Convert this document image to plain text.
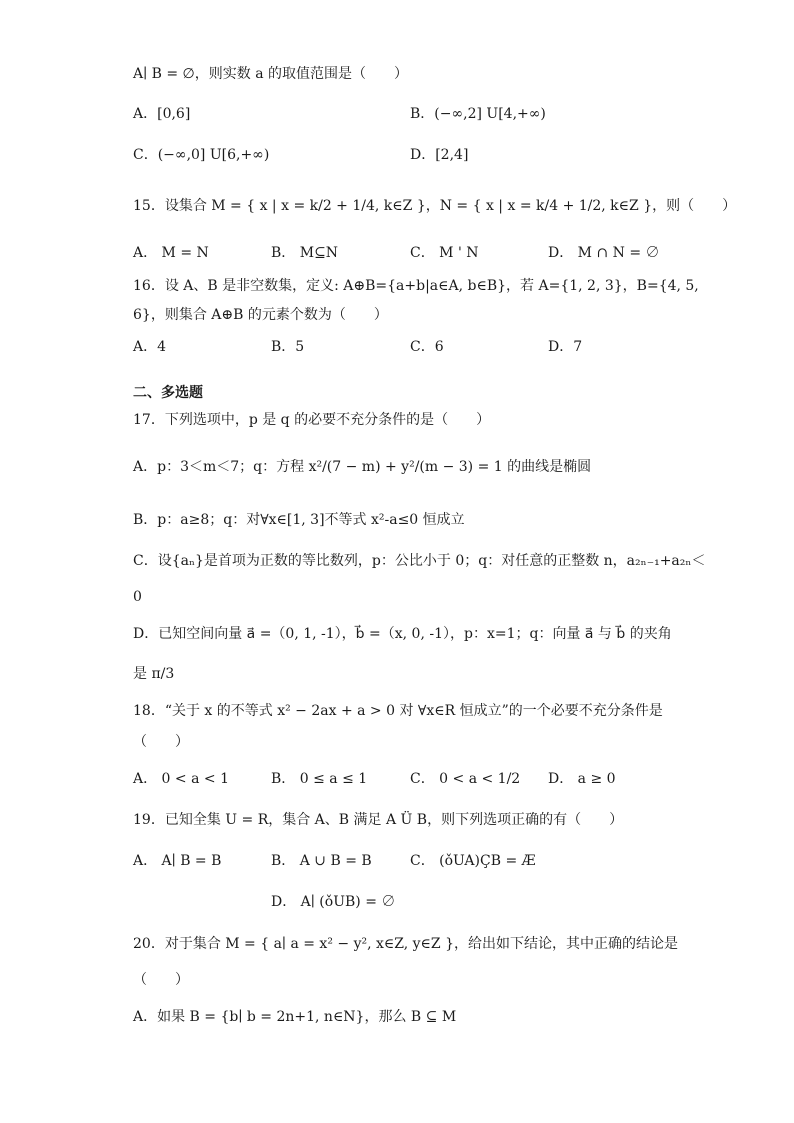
A∣ B = ∅，则实数 a 的取值范围是（　　）
A．[0,6]	B．(−∞,2] U[4,+∞)
C．(−∞,0] U[6,+∞)	D．[2,4]
15．设集合 M = { x | x = k/2 + 1/4, k∈Z }，N = { x | x = k/4 + 1/2, k∈Z }，则（　　）
A． M = N	B． M⊆N	C． M ' N	D． M ∩ N = ∅
16．设 A、B 是非空数集，定义: A⊕B={a+b|a∈A, b∈B}，若 A={1, 2, 3}，B={4, 5,
6}，则集合 A⊕B 的元素个数为（　　）
A．4	B．5	C．6	D．7
二、多选题
17．下列选项中，p 是 q 的必要不充分条件的是（　　）
A．p：3＜m＜7；q：方程 x²/(7 − m) + y²/(m − 3) = 1 的曲线是椭圆
B．p：a≥8；q：对∀x∈[1, 3]不等式 x²-a≤0 恒成立
C．设{aₙ}是首项为正数的等比数列，p：公比小于 0；q：对任意的正整数 n，a₂ₙ₋₁+a₂ₙ＜
0
D．已知空间向量 a⃗ =（0, 1, -1），b⃗ =（x, 0, -1），p：x=1；q：向量 a⃗ 与 b⃗ 的夹角
是 π/3
18．“关于 x 的不等式 x² − 2ax + a > 0 对 ∀x∈R 恒成立”的一个必要不充分条件是
（　　）
A． 0 < a < 1	B． 0 ≤ a ≤ 1	C． 0 < a < 1/2 D． a ≥ 0
19．已知全集 U = R，集合 A、B 满足 A Ü B，则下列选项正确的有（　　）
A． A∣ B = B	B． A ∪ B = B	C． (ǒUA)ÇB = Æ
D． A∣ (ǒUB) = ∅
20．对于集合 M = { a∣ a = x² − y², x∈Z, y∈Z }，给出如下结论，其中正确的结论是
（　　）
A．如果 B = {b∣ b = 2n+1, n∈N}，那么 B ⊆ M
